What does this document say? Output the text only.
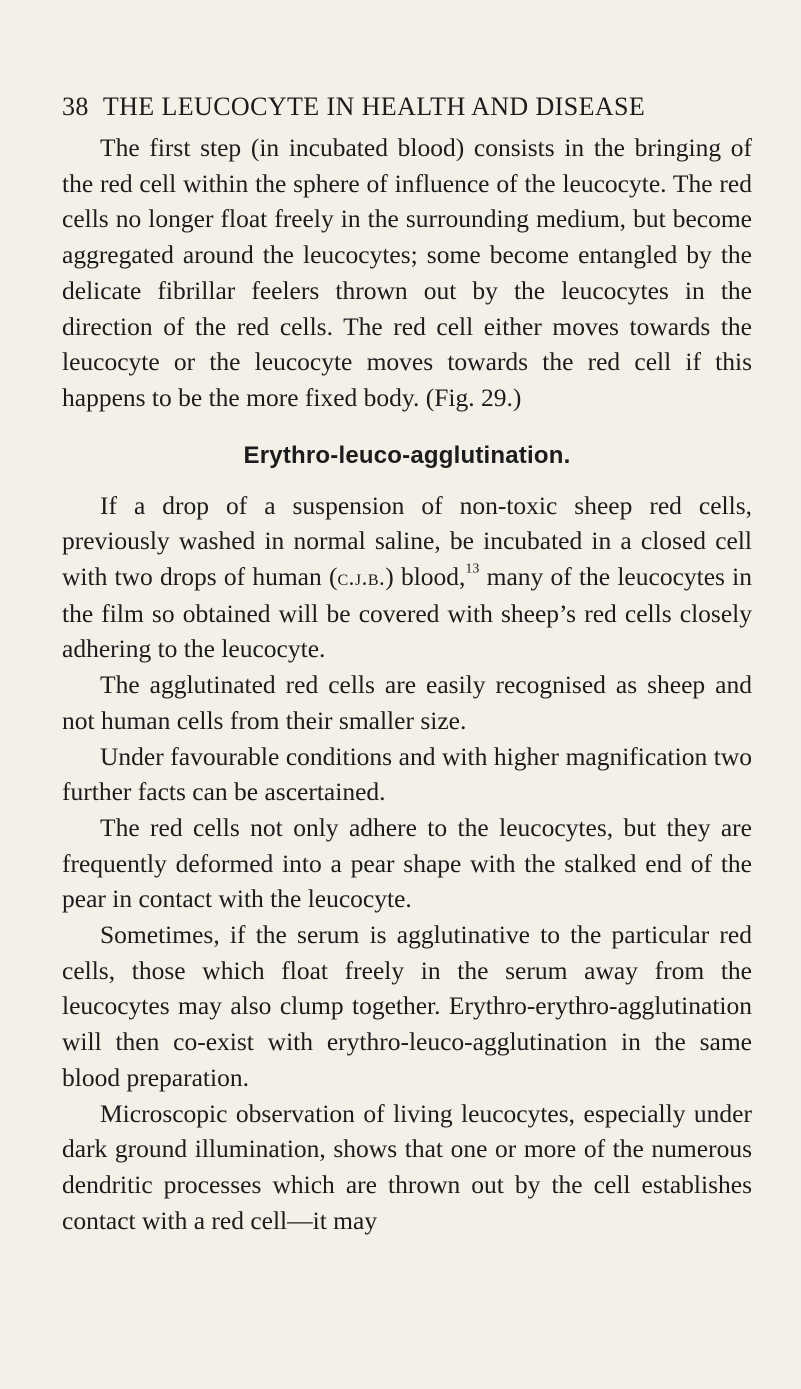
38 THE LEUCOCYTE IN HEALTH AND DISEASE

The first step (in incubated blood) consists in the bringing of the red cell within the sphere of influence of the leucocyte. The red cells no longer float freely in the surrounding medium, but become aggregated around the leucocytes; some become entangled by the delicate fibrillar feelers thrown out by the leucocytes in the direction of the red cells. The red cell either moves towards the leucocyte or the leucocyte moves towards the red cell if this happens to be the more fixed body. (Fig. 29.)

Erythro-leuco-agglutination.

If a drop of a suspension of non-toxic sheep red cells, previously washed in normal saline, be incubated in a closed cell with two drops of human (c.j.b.) blood,$^{13}$ many of the leucocytes in the film so obtained will be covered with sheep’s red cells closely adhering to the leucocyte.

The agglutinated red cells are easily recognised as sheep and not human cells from their smaller size.

Under favourable conditions and with higher magnification two further facts can be ascertained.

The red cells not only adhere to the leucocytes, but they are frequently deformed into a pear shape with the stalked end of the pear in contact with the leucocyte.

Sometimes, if the serum is agglutinative to the particular red cells, those which float freely in the serum away from the leucocytes may also clump together. Erythro-erythro-agglutination will then co-exist with erythro-leuco-agglutination in the same blood preparation.

Microscopic observation of living leucocytes, especially under dark ground illumination, shows that one or more of the numerous dendritic processes which are thrown out by the cell establishes contact with a red cell—it may
